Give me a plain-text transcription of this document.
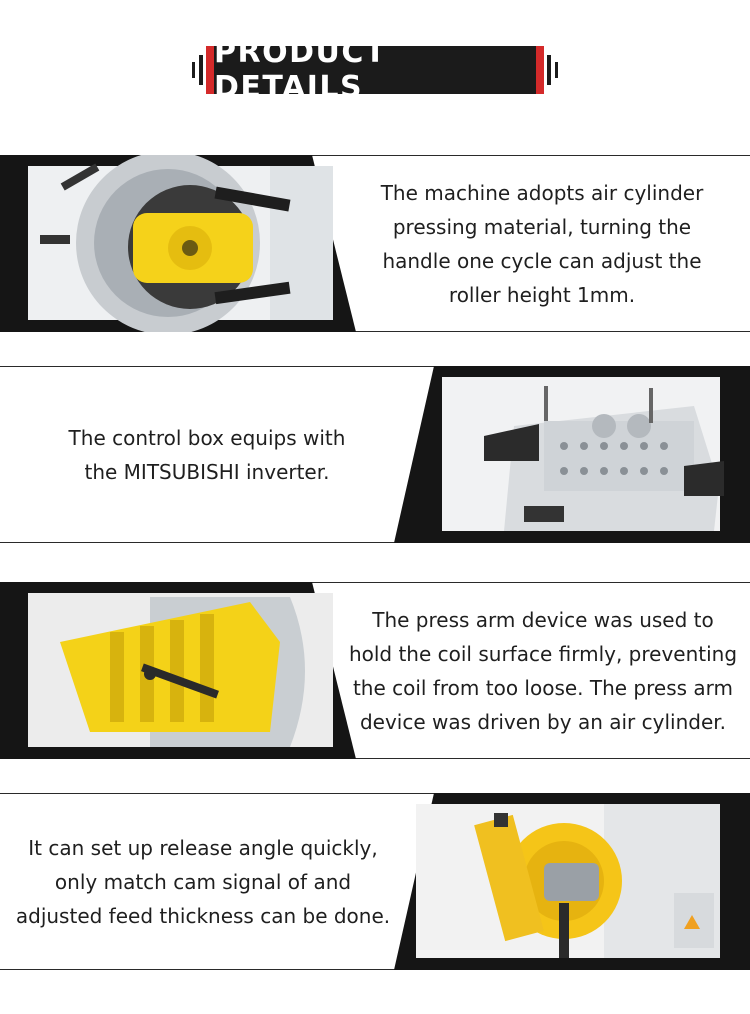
PRODUCT DETAILS
The machine adopts air cylinder
pressing material, turning the
handle one cycle can adjust the
roller height 1mm.
The control box equips with
the MITSUBISHI inverter.
The press arm device was used to
hold the coil surface firmly, preventing
the coil from too loose. The press arm
device was driven by an air cylinder.
It can set up release angle quickly,
only match cam signal of and
adjusted feed thickness can be done.
